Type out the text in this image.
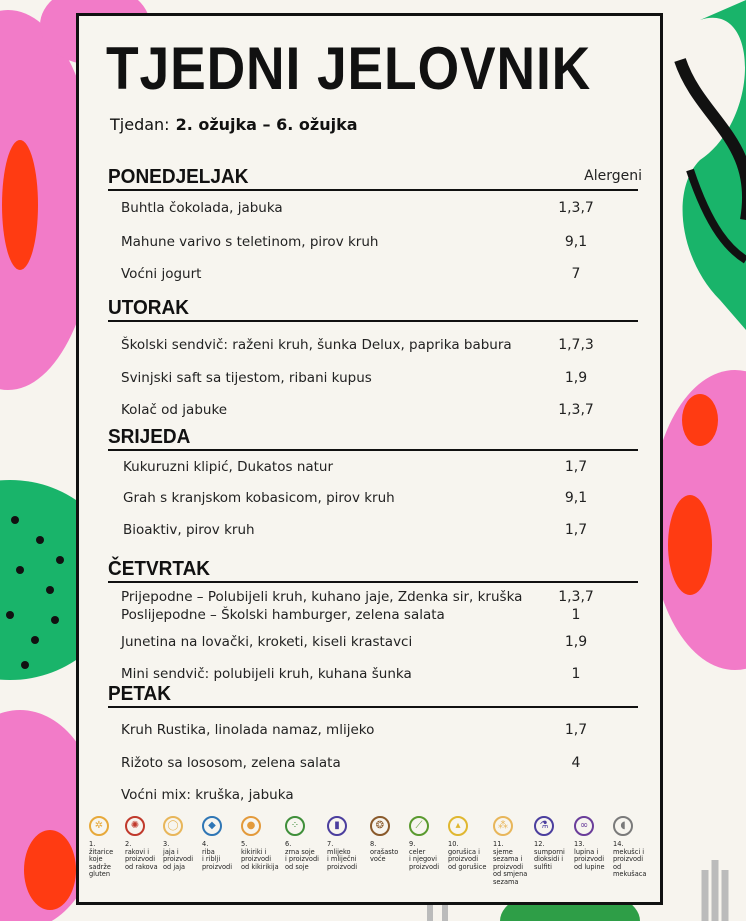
TJEDNI JELOVNIK
Tjedan: 2. ožujka – 6. ožujka
PONEDJELJAK	Alergeni
Buhtla čokolada, jabuka	1,3,7
Mahune varivo s teletinom, pirov kruh	9,1
Voćni jogurt	7
UTORAK
Školski sendvič: raženi kruh, šunka Delux, paprika babura	1,7,3
Svinjski saft sa tijestom, ribani kupus	1,9
Kolač od jabuke	1,3,7
SRIJEDA
Kukuruzni klipić, Dukatos natur	1,7
Grah s kranjskom kobasicom, pirov kruh	9,1
Bioaktiv, pirov kruh	1,7
ČETVRTAK
Prijepodne – Polubijeli kruh, kuhano jaje, Zdenka sir, kruška	1,3,7
Poslijepodne – Školski hamburger, zelena salata	1
Junetina na lovački, kroketi, kiseli krastavci	1,9
Mini sendvič: polubijeli kruh, kuhana šunka	1
PETAK
Kruh Rustika, linolada namaz, mlijeko	1,7
Rižoto sa lososom, zelena salata	4
Voćni mix: kruška, jabuka
✲
1.
žitarice
koje
sadrže
gluten
✺
2.
rakovi i
proizvodi
od rakova
◯
3.
jaja i
proizvodi
od jaja
◆
4.
riba
i riblji
proizvodi
●
5.
kikiriki i
proizvodi
od kikirikija
⁘
6.
zrna soje
i proizvodi
od soje
▮
7.
mlijeko
i mliječni
proizvodi
❂
8.
orašasto
voće
⟋
9.
celer
i njegovi
proizvodi
▴
10.
gorušica i
proizvodi
od gorušice
⁂
11.
sjeme
sezama i
proizvodi
od smjena
sezama
⚗
12.
sumporni
dioksidi i
sulfiti
∞
13.
lupina i
proizvodi
od lupine
◖
14.
mekušci i
proizvodi
od mekušaca
